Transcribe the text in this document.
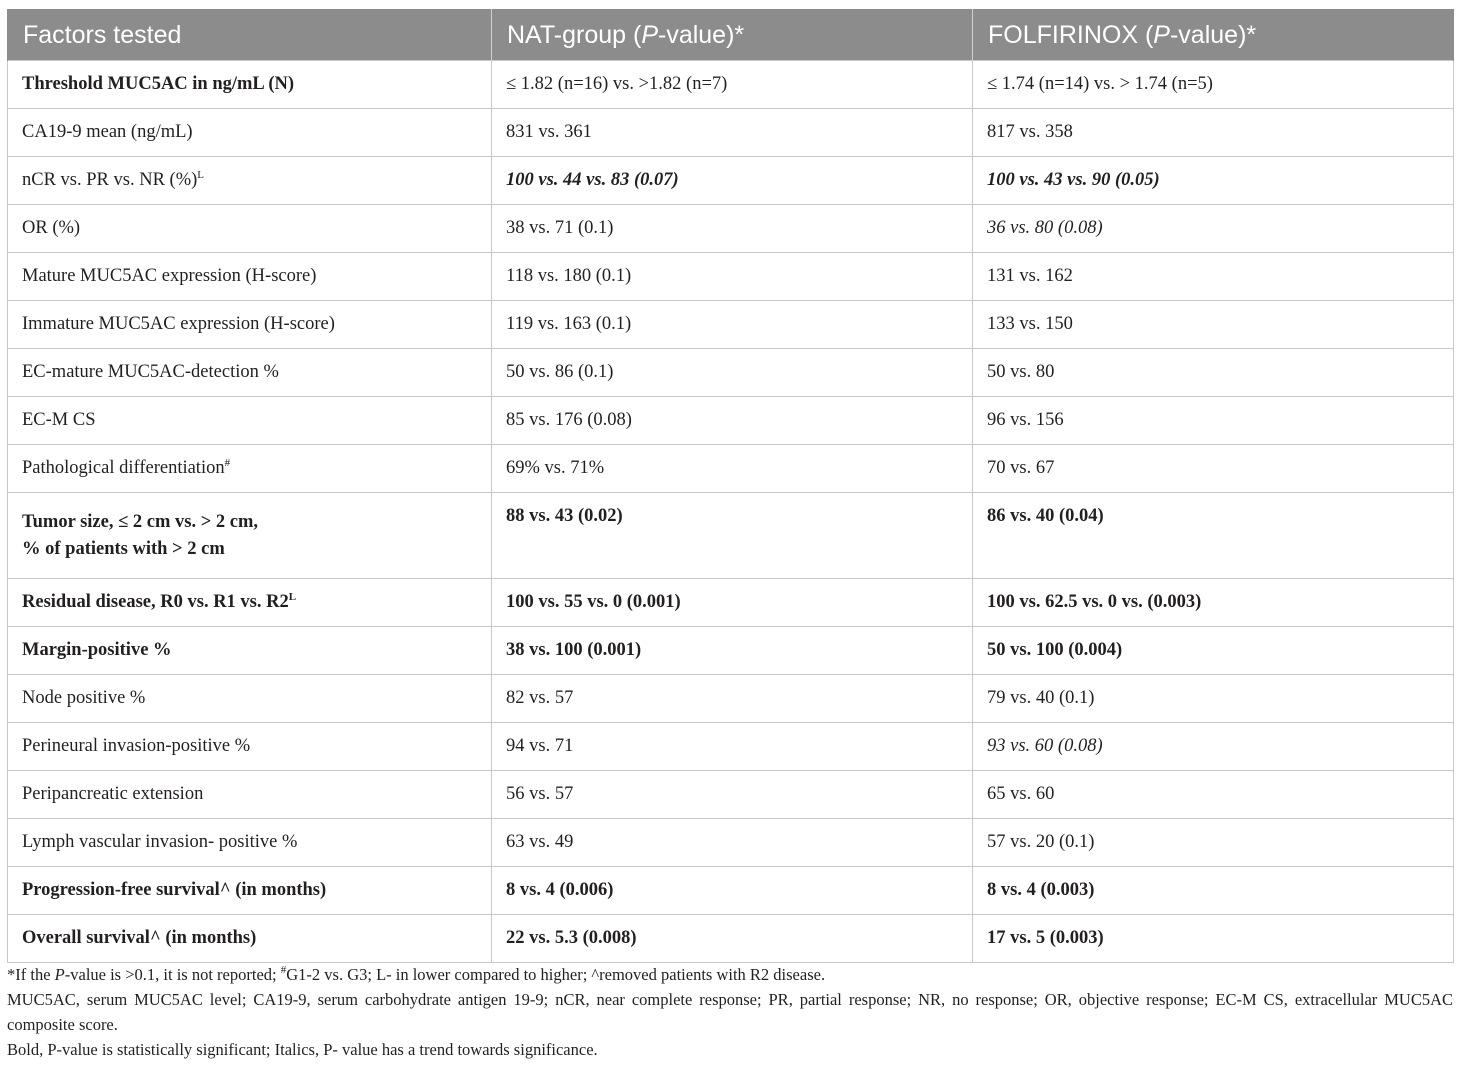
Factors tested	NAT-group (P-value)*	FOLFIRINOX (P-value)*
Threshold MUC5AC in ng/mL (N)	≤ 1.82 (n=16) vs. >1.82 (n=7)	≤ 1.74 (n=14) vs. > 1.74 (n=5)
CA19-9 mean (ng/mL)	831 vs. 361	817 vs. 358
nCR vs. PR vs. NR (%)$^L$	100 vs. 44 vs. 83 (0.07)	100 vs. 43 vs. 90 (0.05)
OR (%)	38 vs. 71 (0.1)	36 vs. 80 (0.08)
Mature MUC5AC expression (H-score)	118 vs. 180 (0.1)	131 vs. 162
Immature MUC5AC expression (H-score)	119 vs. 163 (0.1)	133 vs. 150
EC-mature MUC5AC-detection %	50 vs. 86 (0.1)	50 vs. 80
EC-M CS	85 vs. 176 (0.08)	96 vs. 156
Pathological differentiation#	69% vs. 71%	70 vs. 67
Tumor size, ≤ 2 cm vs. > 2 cm,
% of patients with > 2 cm	88 vs. 43 (0.02)	86 vs. 40 (0.04)
Residual disease, R0 vs. R1 vs. $R2^L$	100 vs. 55 vs. 0 (0.001)	100 vs. 62.5 vs. 0 vs. (0.003)
Margin-positive %	38 vs. 100 (0.001)	50 vs. 100 (0.004)
Node positive %	82 vs. 57	79 vs. 40 (0.1)
Perineural invasion-positive %	94 vs. 71	93 vs. 60 (0.08)
Peripancreatic extension	56 vs. 57	65 vs. 60
Lymph vascular invasion- positive %	63 vs. 49	57 vs. 20 (0.1)
Progression-free survival^ (in months)	8 vs. 4 (0.006)	8 vs. 4 (0.003)
Overall survival^ (in months)	22 vs. 5.3 (0.008)	17 vs. 5 (0.003)

*If the P-value is >0.1, it is not reported; #G1-2 vs. G3; L- in lower compared to higher; ^removed patients with R2 disease.

MUC5AC, serum MUC5AC level; CA19-9, serum carbohydrate antigen 19-9; nCR, near complete response; PR, partial response; NR, no response; OR, objective response; EC-M CS, extracellular MUC5AC composite score.

Bold, P-value is statistically significant; Italics, P- value has a trend towards significance.
